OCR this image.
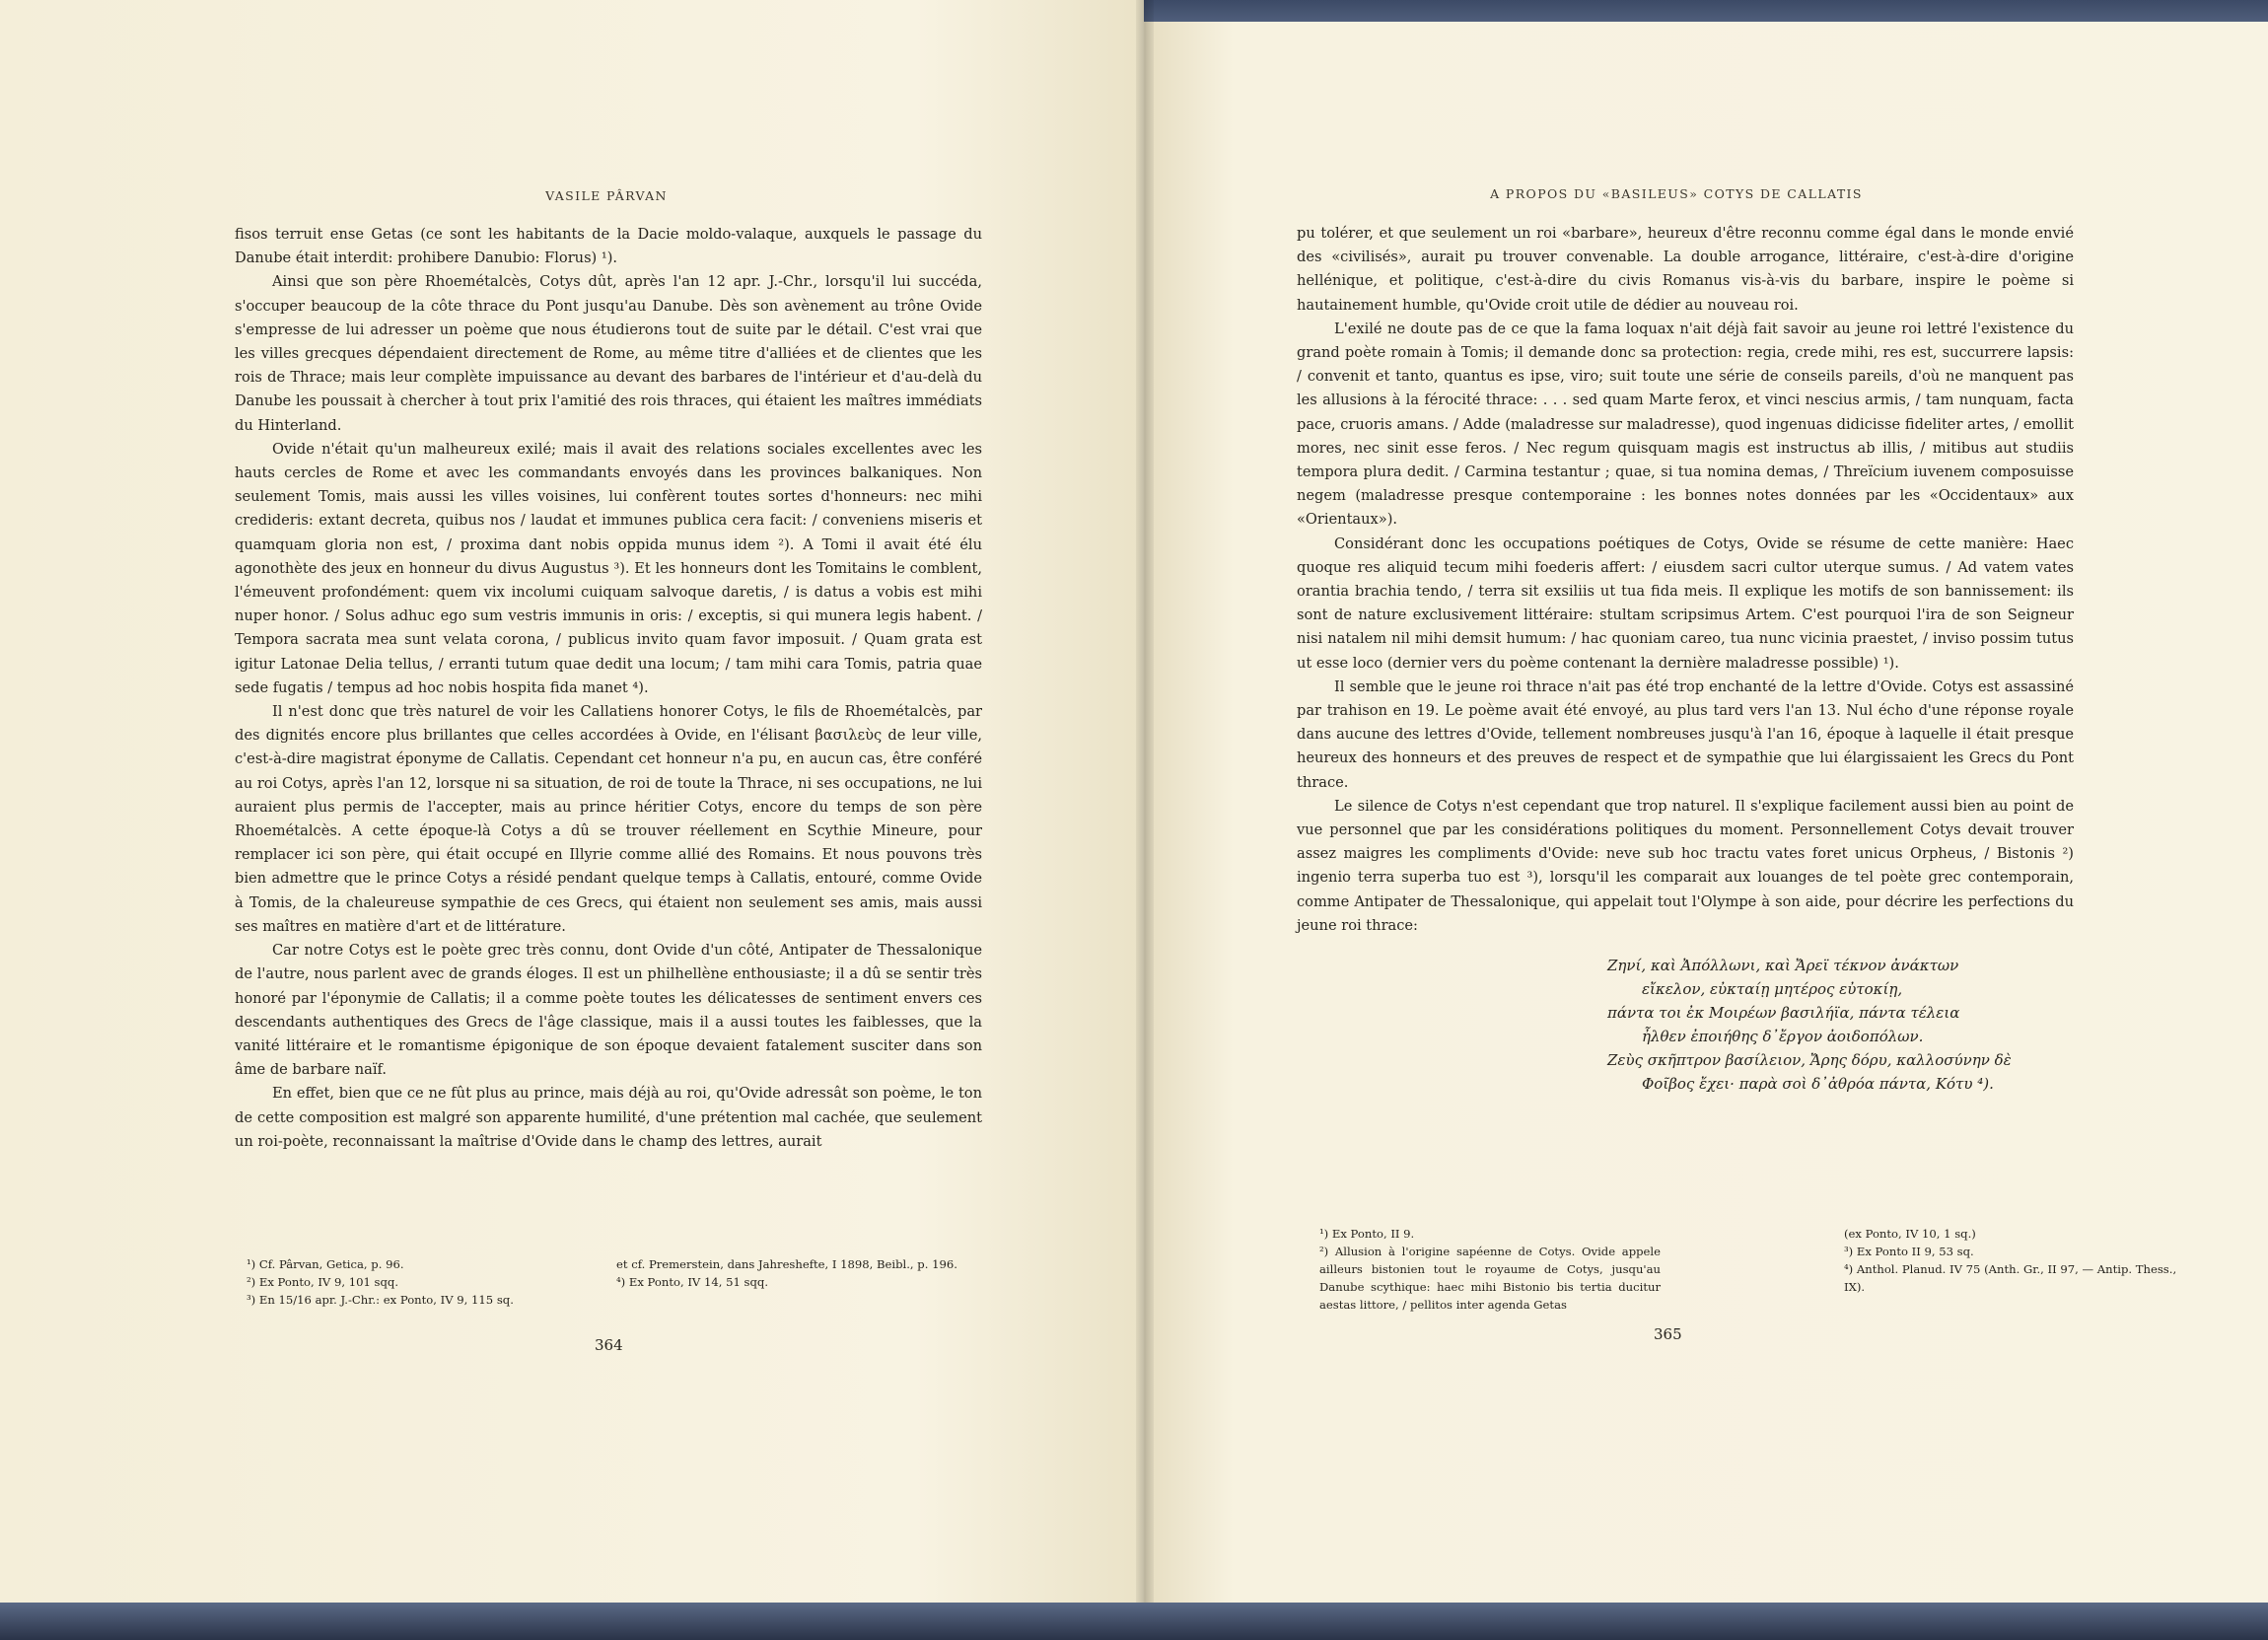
VASILE PÂRVAN

fisos terruit ense Getas (ce sont les habitants de la Dacie moldo-valaque, auxquels le passage du Danube était interdit: prohibere Danubio: Florus) ¹).

Ainsi que son père Rhoemétalcès, Cotys dût, après l'an 12 apr. J.-Chr., lorsqu'il lui succéda, s'occuper beaucoup de la côte thrace du Pont jusqu'au Danube. Dès son avènement au trône Ovide s'empresse de lui adresser un poème que nous étudierons tout de suite par le détail. C'est vrai que les villes grecques dépendaient directement de Rome, au même titre d'alliées et de clientes que les rois de Thrace; mais leur complète impuissance au devant des barbares de l'intérieur et d'au-delà du Danube les poussait à chercher à tout prix l'amitié des rois thraces, qui étaient les maîtres immédiats du Hinterland.

Ovide n'était qu'un malheureux exilé; mais il avait des relations sociales excellentes avec les hauts cercles de Rome et avec les commandants envoyés dans les provinces balkaniques. Non seulement Tomis, mais aussi les villes voisines, lui confèrent toutes sortes d'honneurs: nec mihi credideris: extant decreta, quibus nos / laudat et immunes publica cera facit: / conveniens miseris et quamquam gloria non est, / proxima dant nobis oppida munus idem ²). A Tomi il avait été élu agonothète des jeux en honneur du divus Augustus ³). Et les honneurs dont les Tomitains le comblent, l'émeuvent profondément: quem vix incolumi cuiquam salvoque daretis, / is datus a vobis est mihi nuper honor. / Solus adhuc ego sum vestris immunis in oris: / exceptis, si qui munera legis habent. / Tempora sacrata mea sunt velata corona, / publicus invito quam favor imposuit. / Quam grata est igitur Latonae Delia tellus, / erranti tutum quae dedit una locum; / tam mihi cara Tomis, patria quae sede fugatis / tempus ad hoc nobis hospita fida manet ⁴).

Il n'est donc que très naturel de voir les Callatiens honorer Cotys, le fils de Rhoemétalcès, par des dignités encore plus brillantes que celles accordées à Ovide, en l'élisant βασιλεὺς de leur ville, c'est-à-dire magistrat éponyme de Callatis. Cependant cet honneur n'a pu, en aucun cas, être conféré au roi Cotys, après l'an 12, lorsque ni sa situation, de roi de toute la Thrace, ni ses occupations, ne lui auraient plus permis de l'accepter, mais au prince héritier Cotys, encore du temps de son père Rhoemétalcès. A cette époque-là Cotys a dû se trouver réellement en Scythie Mineure, pour remplacer ici son père, qui était occupé en Illyrie comme allié des Romains. Et nous pouvons très bien admettre que le prince Cotys a résidé pendant quelque temps à Callatis, entouré, comme Ovide à Tomis, de la chaleureuse sympathie de ces Grecs, qui étaient non seulement ses amis, mais aussi ses maîtres en matière d'art et de littérature.

Car notre Cotys est le poète grec très connu, dont Ovide d'un côté, Antipater de Thessalonique de l'autre, nous parlent avec de grands éloges. Il est un philhellène enthousiaste; il a dû se sentir très honoré par l'éponymie de Callatis; il a comme poète toutes les délicatesses de sentiment envers ces descendants authentiques des Grecs de l'âge classique, mais il a aussi toutes les faiblesses, que la vanité littéraire et le romantisme épigonique de son époque devaient fatalement susciter dans son âme de barbare naïf.

En effet, bien que ce ne fût plus au prince, mais déjà au roi, qu'Ovide adressât son poème, le ton de cette composition est malgré son apparente humilité, d'une prétention mal cachée, que seulement un roi-poète, reconnaissant la maîtrise d'Ovide dans le champ des lettres, aurait

¹) Cf. Pârvan, Getica, p. 96.
²) Ex Ponto, IV 9, 101 sqq.
³) En 15/16 apr. J.-Chr.: ex Ponto, IV 9, 115 sq.
et cf. Premerstein, dans Jahreshefte, I 1898, Beibl., p. 196.
⁴) Ex Ponto, IV 14, 51 sqq.
364
A PROPOS DU «BASILEUS» COTYS DE CALLATIS

pu tolérer, et que seulement un roi «barbare», heureux d'être reconnu comme égal dans le monde envié des «civilisés», aurait pu trouver convenable. La double arrogance, littéraire, c'est-à-dire d'origine hellénique, et politique, c'est-à-dire du civis Romanus vis-à-vis du barbare, inspire le poème si hautainement humble, qu'Ovide croit utile de dédier au nouveau roi.

L'exilé ne doute pas de ce que la fama loquax n'ait déjà fait savoir au jeune roi lettré l'existence du grand poète romain à Tomis; il demande donc sa protection: regia, crede mihi, res est, succurrere lapsis: / convenit et tanto, quantus es ipse, viro; suit toute une série de conseils pareils, d'où ne manquent pas les allusions à la férocité thrace: . . . sed quam Marte ferox, et vinci nescius armis, / tam nunquam, facta pace, cruoris amans. / Adde (maladresse sur maladresse), quod ingenuas didicisse fideliter artes, / emollit mores, nec sinit esse feros. / Nec regum quisquam magis est instructus ab illis, / mitibus aut studiis tempora plura dedit. / Carmina testantur ; quae, si tua nomina demas, / Threïcium iuvenem composuisse negem (maladresse presque contemporaine : les bonnes notes données par les «Occidentaux» aux «Orientaux»).

Considérant donc les occupations poétiques de Cotys, Ovide se résume de cette manière: Haec quoque res aliquid tecum mihi foederis affert: / eiusdem sacri cultor uterque sumus. / Ad vatem vates orantia brachia tendo, / terra sit exsiliis ut tua fida meis. Il explique les motifs de son bannissement: ils sont de nature exclusivement littéraire: stultam scripsimus Artem. C'est pourquoi l'ira de son Seigneur nisi natalem nil mihi demsit humum: / hac quoniam careo, tua nunc vicinia praestet, / inviso possim tutus ut esse loco (dernier vers du poème contenant la dernière maladresse possible) ¹).

Il semble que le jeune roi thrace n'ait pas été trop enchanté de la lettre d'Ovide. Cotys est assassiné par trahison en 19. Le poème avait été envoyé, au plus tard vers l'an 13. Nul écho d'une réponse royale dans aucune des lettres d'Ovide, tellement nombreuses jusqu'à l'an 16, époque à laquelle il était presque heureux des honneurs et des preuves de respect et de sympathie que lui élargissaient les Grecs du Pont thrace.

Le silence de Cotys n'est cependant que trop naturel. Il s'explique facilement aussi bien au point de vue personnel que par les considérations politiques du moment. Personnellement Cotys devait trouver assez maigres les compliments d'Ovide: neve sub hoc tractu vates foret unicus Orpheus, / Bistonis ²) ingenio terra superba tuo est ³), lorsqu'il les comparait aux louanges de tel poète grec contemporain, comme Antipater de Thessalonique, qui appelait tout l'Olympe à son aide, pour décrire les perfections du jeune roi thrace:

Ζηνί, καὶ Ἀπόλλωνι, καὶ Ἄρεϊ τέκνον ἀνάκτων
εἴκελον, εὐκταίῃ μητέρος εὐτοκίῃ,
πάντα τοι ἐκ Μοιρέων βασιλήϊα, πάντα τέλεια
ἦλθεν ἐποιήθης δ᾽ἔργον ἀοιδοπόλων.
Ζεὺς σκῆπτρον βασίλειον, Ἄρης δόρυ, καλλοσύνην δὲ
Φοῖβος ἔχει· παρὰ σοὶ δ᾽ἀθρόα πάντα, Κότυ ⁴).
¹) Ex Ponto, II 9.
²) Allusion à l'origine sapéenne de Cotys. Ovide appele ailleurs bistonien tout le royaume de Cotys, jusqu'au Danube scythique: haec mihi Bistonio bis tertia ducitur aestas littore, / pellitos inter agenda Getas
(ex Ponto, IV 10, 1 sq.)
³) Ex Ponto II 9, 53 sq.
⁴) Anthol. Planud. IV 75 (Anth. Gr., II 97, — Antip. Thess., IX).
365
